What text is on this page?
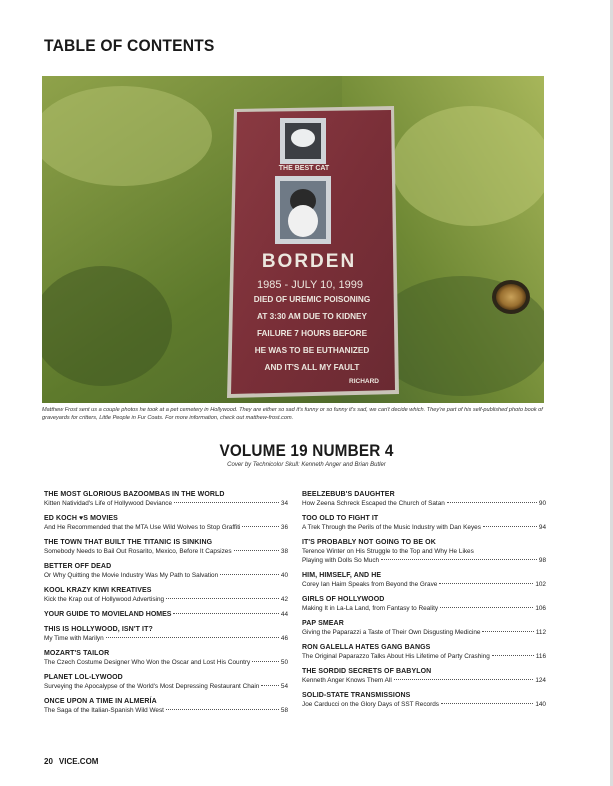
TABLE OF CONTENTS
THE BEST CAT
BORDEN
1985 - JULY 10, 1999
DIED OF UREMIC POISONING
AT 3:30 AM DUE TO KIDNEY
FAILURE 7 HOURS BEFORE
HE WAS TO BE EUTHANIZED
AND IT'S ALL MY FAULT
RICHARD
Matthew Frost sent us a couple photos he took at a pet cemetery in Hollywood. They are either so sad it's funny or so funny it's sad, we can't decide which. They're part of his self-published photo book of graveyards for critters, Little People in Fur Coats. For more information, check out matthew-frost.com.
VOLUME 19 NUMBER 4
Cover by Technicolor Skull: Kenneth Anger and Brian Butler
THE MOST GLORIOUS BAZOOMBAS IN THE WORLD
Kitten Natividad's Life of Hollywood Deviance	34
ED KOCH ♥S MOVIES
And He Recommended that the MTA Use Wild Wolves to Stop Graffiti	36
THE TOWN THAT BUILT THE TITANIC IS SINKING
Somebody Needs to Bail Out Rosarito, Mexico, Before It Capsizes	38
BETTER OFF DEAD
Or Why Quitting the Movie Industry Was My Path to Salvation	40
KOOL KRAZY KIWI KREATIVES
Kick the Krap out of Hollywood Advertising	42
YOUR GUIDE TO MOVIELAND HOMES	44
THIS IS HOLLYWOOD, ISN'T IT?
My Time with Marilyn	46
MOZART'S TAILOR
The Czech Costume Designer Who Won the Oscar and Lost His Country	50
PLANET LOL-LYWOOD
Surveying the Apocalypse of the World's Most Depressing Restaurant Chain	54
ONCE UPON A TIME IN ALMERÍA
The Saga of the Italian-Spanish Wild West	58
BEELZEBUB'S DAUGHTER
How Zeena Schreck Escaped the Church of Satan	90
TOO OLD TO FIGHT IT
A Trek Through the Perils of the Music Industry with Dan Keyes	94
IT'S PROBABLY NOT GOING TO BE OK
Terence Winter on His Struggle to the Top and Why He Likes
Playing with Dolls So Much	98
HIM, HIMSELF, AND HE
Corey Ian Haim Speaks from Beyond the Grave	102
GIRLS OF HOLLYWOOD
Making It in La-La Land, from Fantasy to Reality	106
PAP SMEAR
Giving the Paparazzi a Taste of Their Own Disgusting Medicine	112
RON GALELLA HATES GANG BANGS
The Original Paparazzo Talks About His Lifetime of Party Crashing	116
THE SORDID SECRETS OF BABYLON
Kenneth Anger Knows Them All	124
SOLID-STATE TRANSMISSIONS
Joe Carducci on the Glory Days of SST Records	140
20 VICE.COM
